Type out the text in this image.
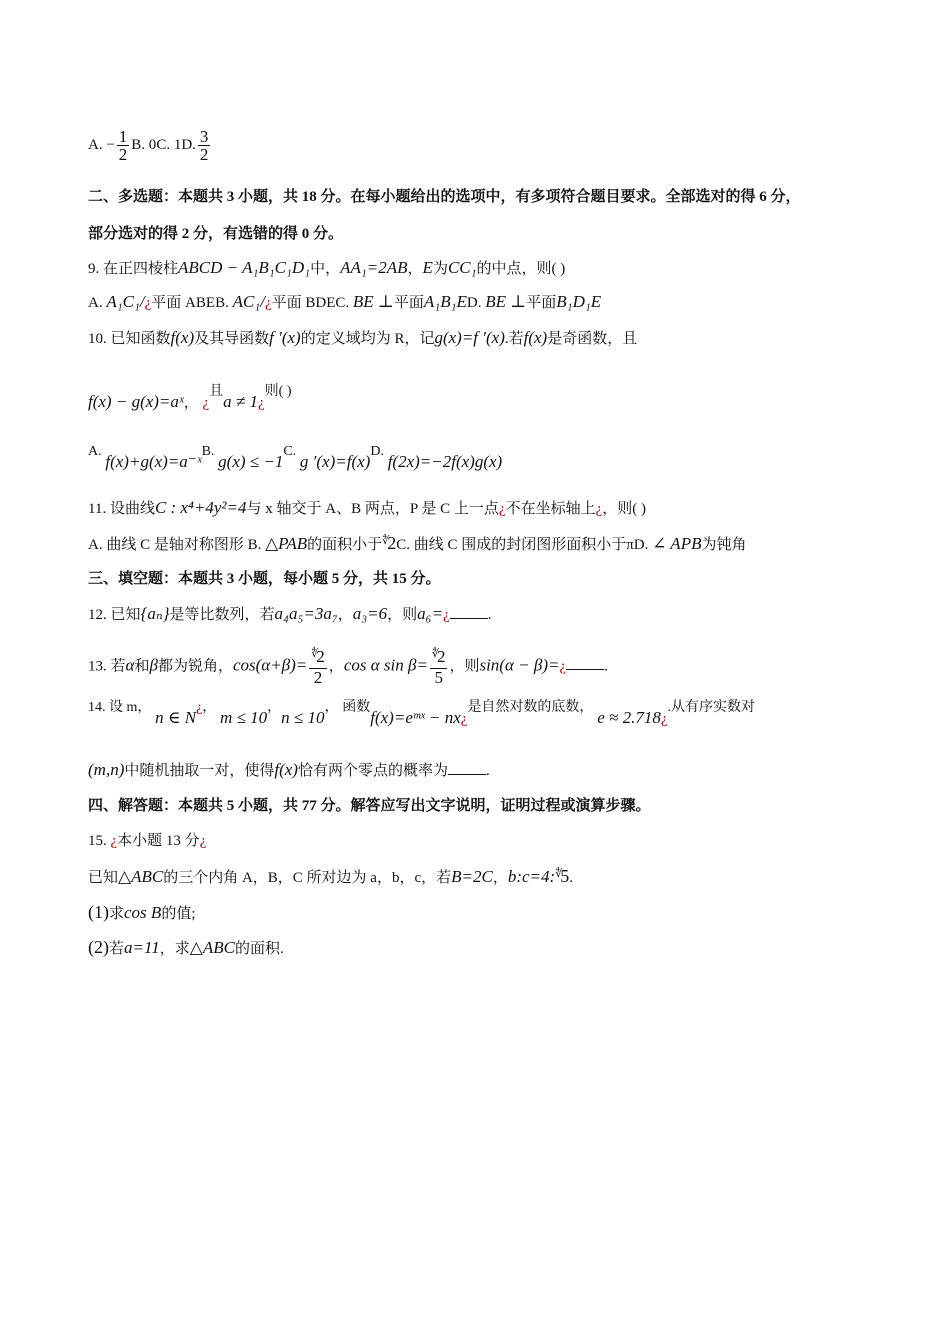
A. − $\frac{1}{2} B$. 0C. 1D. $\frac{3}{2}$
二、多选题：本题共 3 小题，共 18 分。在每小题给出的选项中，有多项符合题目要求。全部选对的得 6 分，
部分选对的得 2 分，有选错的得 0 分。
9. 在正四棱柱ABCD − A₁B₁C₁D₁中，AA₁=2AB，E为CC₁的中点，则( )
A. A₁C₁/¿平面 ABEB. AC₁/¿平面 BDEC. BE ⊥平面A₁B₁ED. BE ⊥平面B₁D₁E
10. 已知函数f(x)及其导函数f ′(x)的定义域均为 R，记g(x)=f ′(x).若f(x)是奇函数，且
f(x) − g(x)=aˣ， ¿且a ≠ 1¿则( )
A. f(x)+g(x)=a⁻ˣB. g(x) ≤ −1C. g ′(x)=f(x)D. f(2x)=−2f(x)g(x)
11. 设曲线C : x⁴+4y²=4与 x 轴交于 A、B 两点，P 是 C 上一点¿不在坐标轴上¿，则( )
A. 曲线 C 是轴对称图形 B. △PAB的面积小于∜2C. 曲线 C 围成的封闭图形面积小于πD. ∠ APB为钝角
三、填空题：本题共 3 小题，每小题 5 分，共 15 分。
12. 已知{aₙ}是等比数列，若a₄a₅=3a₇，a₃=6，则a₆=¿	.
13. 若α和β都为锐角，$\cos(\alpha+\beta)= \frac{^∜2}{2}$ ，cos α $\sin \beta= \frac{^∜2}{5}$ ，则sin(α − β)=¿	.
14. 设 m， n ∈ N¿， m ≤ 10，n ≤ 10， 函数f(x)=eᵐˣ − nx¿是自然对数的底数， e ≈ 2.718¿.从有序实数对
(m,n)中随机抽取一对，使得f(x)恰有两个零点的概率为	.
四、解答题：本题共 5 小题，共 77 分。解答应写出文字说明，证明过程或演算步骤。
15. ¿本小题 13 分¿
已知△ABC的三个内角 A，B，C 所对边为 a，b，c，若B=2C，b:c=4:∜5.
(1)求cos B的值;
(2)若a=11，求△ABC的面积.
